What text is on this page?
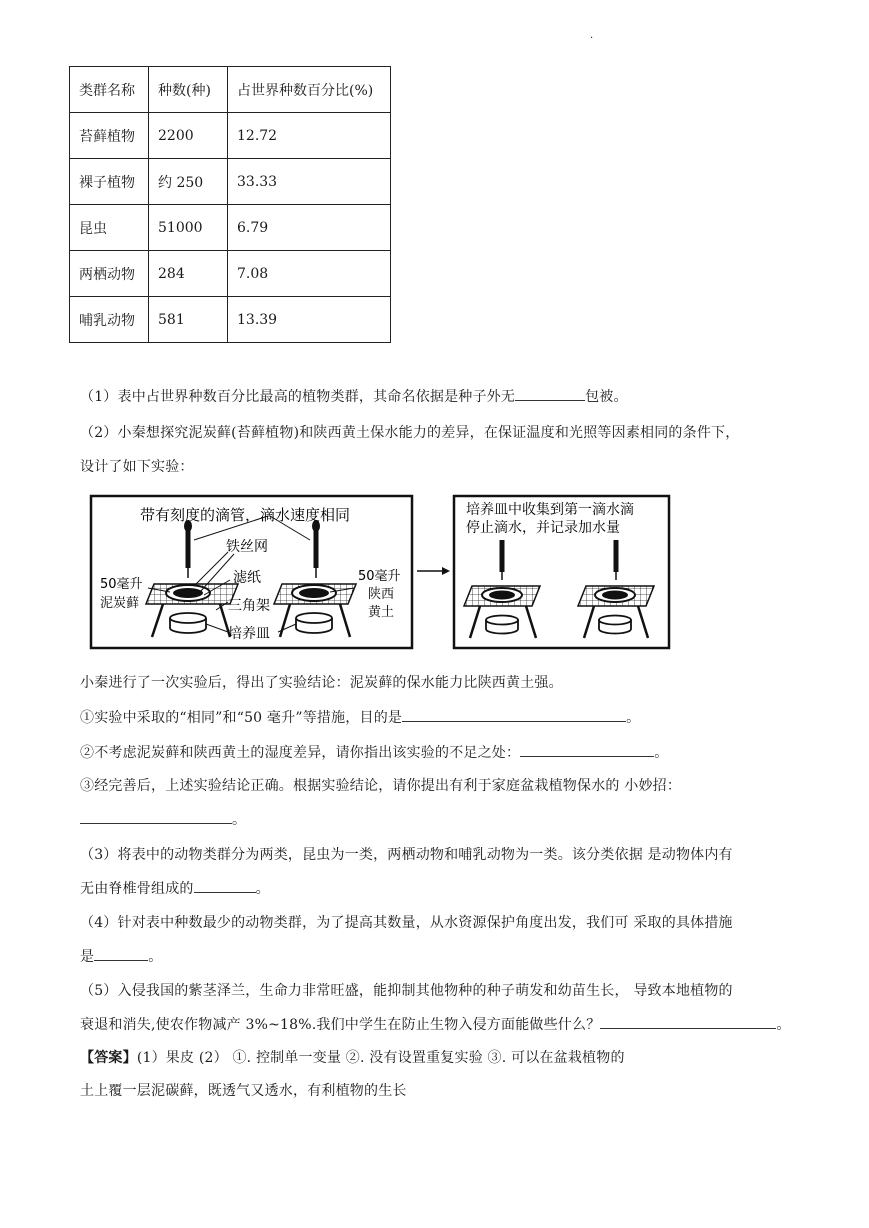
.
类群名称	种数(种)	占世界种数百分比(%)
苔藓植物	2200	12.72
裸子植物	约 250	33.33
昆虫	51000	6.79
两栖动物	284	7.08
哺乳动物	581	13.39
（1）表中占世界种数百分比最高的植物类群，其命名依据是种子外无	包被。
（2）小秦想探究泥炭藓(苔藓植物)和陕西黄土保水能力的差异，在保证温度和光照等因素相同的条件下，
设计了如下实验：
带有刻度的滴管，滴水速度相同
铁丝网
滤纸
三角架
培养皿
50毫升
泥炭藓
50毫升
陕西
黄土
培养皿中收集到第一滴水滴
停止滴水，并记录加水量
小秦进行了一次实验后，得出了实验结论：泥炭藓的保水能力比陕西黄土强。
①实验中采取的“相同”和“50 毫升”等措施，目的是	。
②不考虑泥炭藓和陕西黄土的湿度差异，请你指出该实验的不足之处：	。
③经完善后，上述实验结论正确。根据实验结论，请你提出有利于家庭盆栽植物保水的 小妙招：
。
（3）将表中的动物类群分为两类，昆虫为一类，两栖动物和哺乳动物为一类。该分类依据 是动物体内有
无由脊椎骨组成的	。
（4）针对表中种数最少的动物类群，为了提高其数量，从水资源保护角度出发，我们可 采取的具体措施
是	。
（5）入侵我国的紫茎泽兰，生命力非常旺盛，能抑制其他物种的种子萌发和幼苗生长， 导致本地植物的
衰退和消失,使农作物减产 3%~18%.我们中学生在防止生物入侵方面能做些什么？	。
【答案】(1）果皮 (2） ①. 控制单一变量 ②. 没有设置重复实验 ③. 可以在盆栽植物的
土上覆一层泥碳藓，既透气又透水，有利植物的生长
